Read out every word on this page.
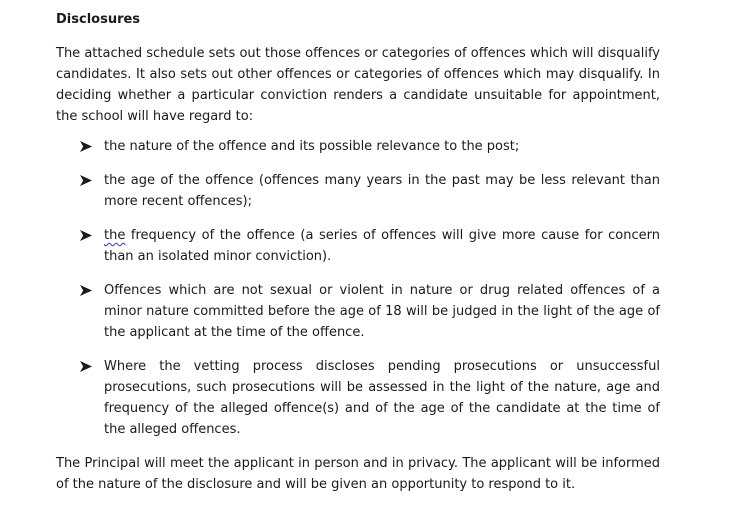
Disclosures

The attached schedule sets out those offences or categories of offences which will disqualify candidates. It also sets out other offences or categories of offences which may disqualify. In deciding whether a particular conviction renders a candidate unsuitable for appointment, the school will have regard to:

the nature of the offence and its possible relevance to the post;
the age of the offence (offences many years in the past may be less relevant than more recent offences);
the frequency of the offence (a series of offences will give more cause for concern than an isolated minor conviction).
Offences which are not sexual or violent in nature or drug related offences of a minor nature committed before the age of 18 will be judged in the light of the age of the applicant at the time of the offence.
Where the vetting process discloses pending prosecutions or unsuccessful prosecutions, such prosecutions will be assessed in the light of the nature, age and frequency of the alleged offence(s) and of the age of the candidate at the time of the alleged offences.

The Principal will meet the applicant in person and in privacy. The applicant will be informed of the nature of the disclosure and will be given an opportunity to respond to it.
